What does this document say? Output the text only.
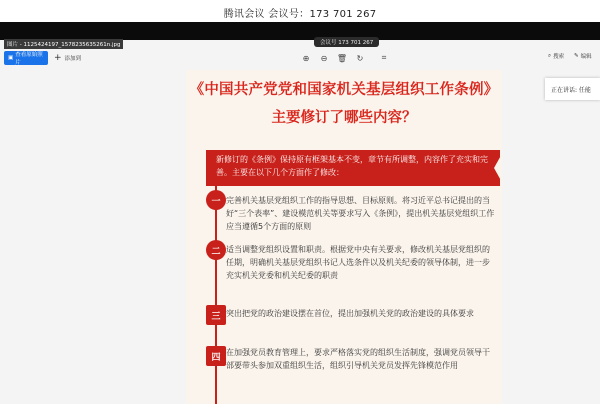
腾讯会议 会议号：173 701 267
图片 - 1125424197_1578235635261n.jpg	会议号 173 701 267
▣ 查看原始照片	+ 添加到	⊕	⊖	🗑	↻	⌗	⌕ 搜索 ✎ 编辑
正在讲话: 任能
《中国共产党党和国家机关基层组织工作条例》
主要修订了哪些内容？
新修订的《条例》保持原有框架基本不变，章节有所调整，内容作了充实和完善。主要在以下几个方面作了修改：
一 完善机关基层党组织工作的指导思想、目标原则。将习近平总书记提出的当好“三个表率”、建设模范机关等要求写入《条例》，提出机关基层党组织工作应当遵循5个方面的原则
二 适当调整党组织设置和职责。根据党中央有关要求，修改机关基层党组织的任期，明确机关基层党组织书记人选条件以及机关纪委的领导体制，进一步充实机关党委和机关纪委的职责
三 突出把党的政治建设摆在首位，提出加强机关党的政治建设的具体要求
四 在加强党员教育管理上，要求严格落实党的组织生活制度，强调党员领导干部要带头参加双重组织生活，组织引导机关党员发挥先锋模范作用
